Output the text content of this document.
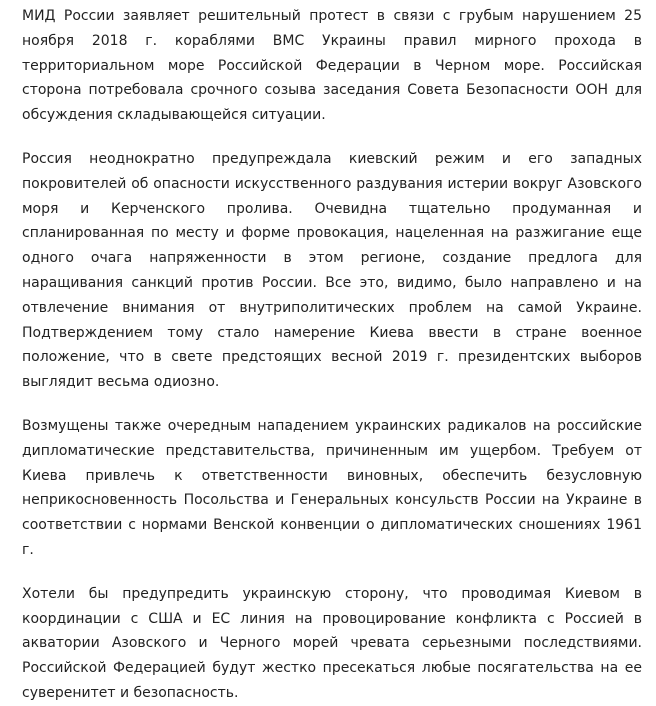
МИД России заявляет решительный протест в связи с грубым нарушением 25 ноября 2018 г. кораблями ВМС Украины правил мирного прохода в территориальном море Российской Федерации в Черном море. Российская сторона потребовала срочного созыва заседания Совета Безопасности ООН для обсуждения складывающейся ситуации.

Россия неоднократно предупреждала киевский режим и его западных покровителей об опасности искусственного раздувания истерии вокруг Азовского моря и Керченского пролива. Очевидна тщательно продуманная и спланированная по месту и форме провокация, нацеленная на разжигание еще одного очага напряженности в этом регионе, создание предлога для наращивания санкций против России. Все это, видимо, было направлено и на отвлечение внимания от внутриполитических проблем на самой Украине. Подтверждением тому стало намерение Киева ввести в стране военное положение, что в свете предстоящих весной 2019 г. президентских выборов выглядит весьма одиозно.

Возмущены также очередным нападением украинских радикалов на российские дипломатические представительства, причиненным им ущербом. Требуем от Киева привлечь к ответственности виновных, обеспечить безусловную неприкосновенность Посольства и Генеральных консульств России на Украине в соответствии с нормами Венской конвенции о дипломатических сношениях 1961 г.

Хотели бы предупредить украинскую сторону, что проводимая Киевом в координации с США и ЕС линия на провоцирование конфликта с Россией в акватории Азовского и Черного морей чревата серьезными последствиями. Российской Федерацией будут жестко пресекаться любые посягательства на ее суверенитет и безопасность.
